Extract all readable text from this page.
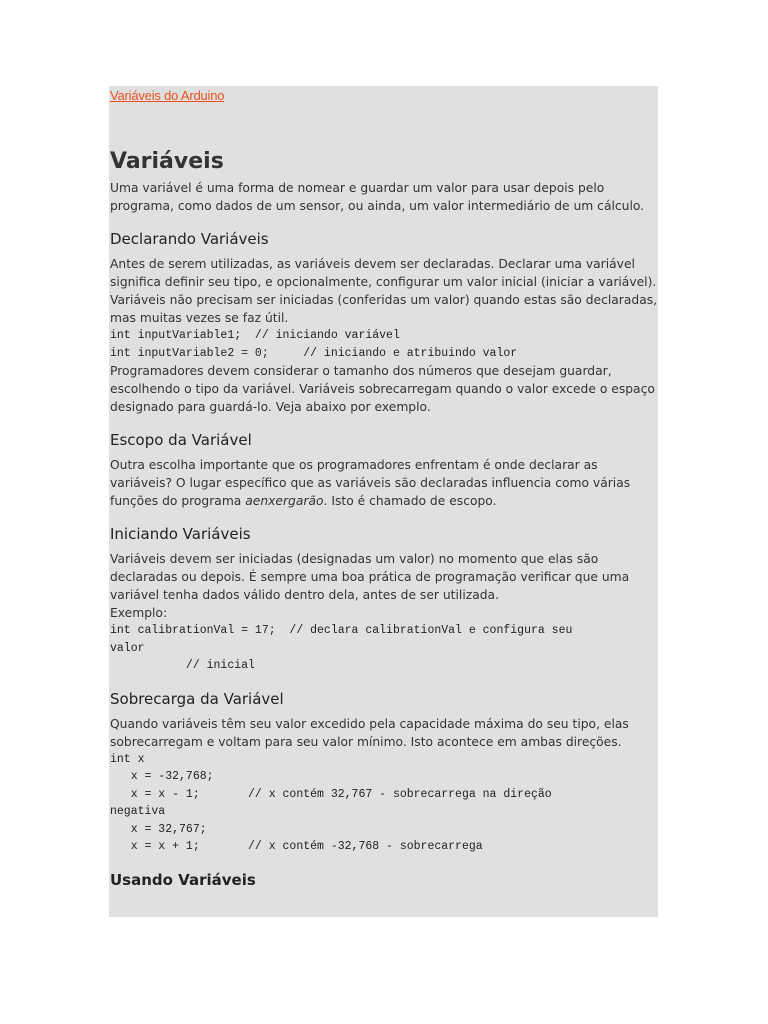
Variáveis do Arduino
Variáveis

Uma variável é uma forma de nomear e guardar um valor para usar depois pelo programa, como dados de um sensor, ou ainda, um valor intermediário de um cálculo.

Declarando Variáveis

Antes de serem utilizadas, as variáveis devem ser declaradas. Declarar uma variável significa definir seu tipo, e opcionalmente, configurar um valor inicial (iniciar a variável). Variáveis não precisam ser iniciadas (conferidas um valor) quando estas são declaradas, mas muitas vezes se faz útil.

int inputVariable1;  // iniciando variável
int inputVariable2 = 0;     // iniciando e atribuindo valor

Programadores devem considerar o tamanho dos números que desejam guardar, escolhendo o tipo da variável. Variáveis sobrecarregam quando o valor excede o espaço designado para guardá-lo. Veja abaixo por exemplo.

Escopo da Variável

Outra escolha importante que os programadores enfrentam é onde declarar as variáveis? O lugar específico que as variáveis são declaradas influencia como várias funções do programa aenxergarão. Isto é chamado de escopo.

Iniciando Variáveis

Variáveis devem ser iniciadas (designadas um valor) no momento que elas são declaradas ou depois. É sempre uma boa prática de programação verificar que uma variável tenha dados válido dentro dela, antes de ser utilizada.

Exemplo:

int calibrationVal = 17;  // declara calibrationVal e configura seu
valor
// inicial
Sobrecarga da Variável

Quando variáveis têm seu valor excedido pela capacidade máxima do seu tipo, elas sobrecarregam e voltam para seu valor mínimo. Isto acontece em ambas direções.

int x
x = -32,768;
x = x - 1;       // x contém 32,767 - sobrecarrega na direção
negativa
x = 32,767;
x = x + 1;       // x contém -32,768 - sobrecarrega
Usando Variáveis
